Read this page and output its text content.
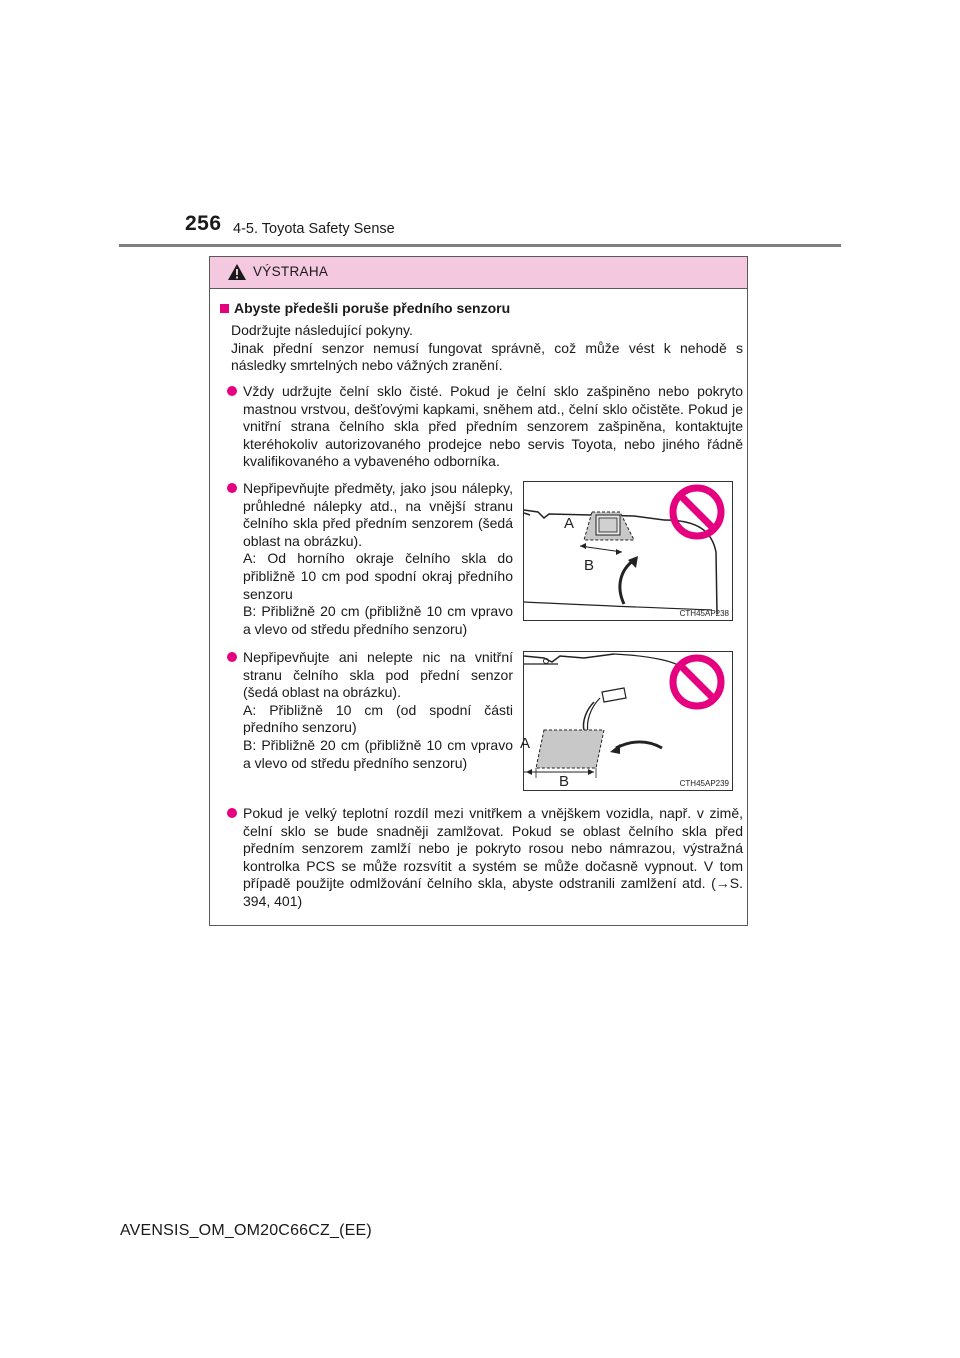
256 4-5. Toyota Safety Sense
VÝSTRAHA
Abyste předešli poruše předního senzoru
Dodržujte následující pokyny.
Jinak přední senzor nemusí fungovat správně, což může vést k nehodě s následky smrtelných nebo vážných zranění.
Vždy udržujte čelní sklo čisté. Pokud je čelní sklo zašpiněno nebo pokryto mastnou vrstvou, dešťovými kapkami, sněhem atd., čelní sklo očistěte. Pokud je vnitřní strana čelního skla před předním senzorem zašpiněna, kontaktujte kteréhokoliv autorizovaného prodejce nebo servis Toyota, nebo jiného řádně kvalifikovaného a vybaveného odborníka.
Nepřipevňujte předměty, jako jsou nálepky, průhledné nálepky atd., na vnější stranu čelního skla před předním senzorem (šedá oblast na obrázku).
A: Od horního okraje čelního skla do přibližně 10 cm pod spodní okraj předního senzoru
B: Přibližně 20 cm (přibližně 10 cm vpravo a vlevo od středu předního senzoru)
A
B
CTH45AP238
Nepřipevňujte ani nelepte nic na vnitřní stranu čelního skla pod přední senzor (šedá oblast na obrázku).
A: Přibližně 10 cm (od spodní části předního senzoru)
B: Přibližně 20 cm (přibližně 10 cm vpravo a vlevo od středu předního senzoru)
A
B	CTH45AP239
Pokud je velký teplotní rozdíl mezi vnitřkem a vnějškem vozidla, např. v zimě, čelní sklo se bude snadněji zamlžovat. Pokud se oblast čelního skla před předním senzorem zamlží nebo je pokryto rosou nebo námrazou, výstražná kontrolka PCS se může rozsvítit a systém se může dočasně vypnout. V tom případě použijte odmlžování čelního skla, abyste odstranili zamlžení atd. (→S. 394, 401)
AVENSIS_OM_OM20C66CZ_(EE)
